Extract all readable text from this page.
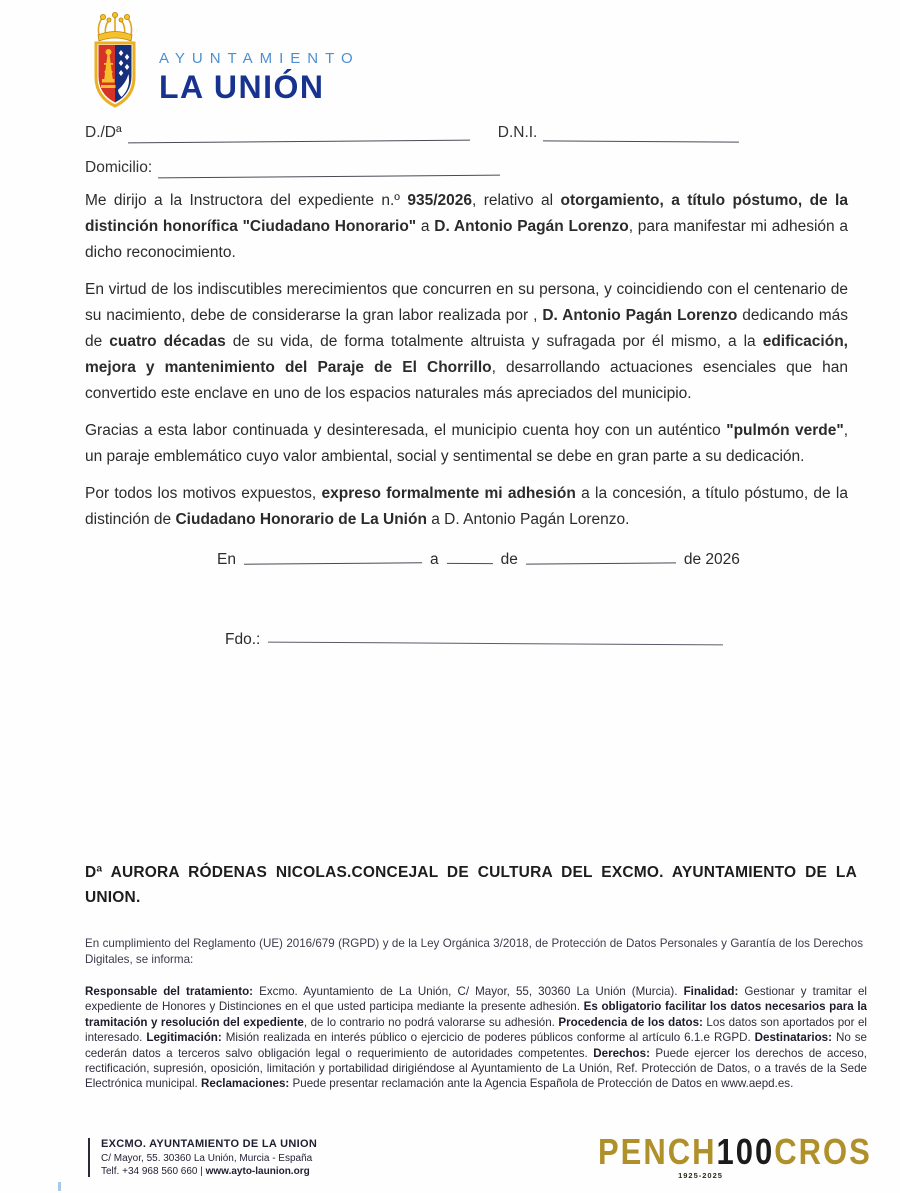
AYUNTAMIENTO
LA UNIÓN
D./Dª	D.N.I.
Domicilio:

Me dirijo a la Instructora del expediente n.º 935/2026, relativo al otorgamiento, a título póstumo, de la distinción honorífica "Ciudadano Honorario" a D. Antonio Pagán Lorenzo, para manifestar mi adhesión a dicho reconocimiento.

En virtud de los indiscutibles merecimientos que concurren en su persona, y coincidiendo con el centenario de su nacimiento, debe de considerarse la gran labor realizada por , D. Antonio Pagán Lorenzo dedicando más de cuatro décadas de su vida, de forma totalmente altruista y sufragada por él mismo, a la edificación, mejora y mantenimiento del Paraje de El Chorrillo, desarrollando actuaciones esenciales que han convertido este enclave en uno de los espacios naturales más apreciados del municipio.

Gracias a esta labor continuada y desinteresada, el municipio cuenta hoy con un auténtico "pulmón verde", un paraje emblemático cuyo valor ambiental, social y sentimental se debe en gran parte a su dedicación.

Por todos los motivos expuestos, expreso formalmente mi adhesión a la concesión, a título póstumo, de la distinción de Ciudadano Honorario de La Unión a D. Antonio Pagán Lorenzo.

En	a	de	de 2026
Fdo.:
Dª AURORA RÓDENAS NICOLAS.CONCEJAL DE CULTURA DEL EXCMO. AYUNTAMIENTO DE LA UNION.
En cumplimiento del Reglamento (UE) 2016/679 (RGPD) y de la Ley Orgánica 3/2018, de Protección de Datos Personales y Garantía de los Derechos Digitales, se informa:
Responsable del tratamiento: Excmo. Ayuntamiento de La Unión, C/ Mayor, 55, 30360 La Unión (Murcia). Finalidad: Gestionar y tramitar el expediente de Honores y Distinciones en el que usted participa mediante la presente adhesión. Es obligatorio facilitar los datos necesarios para la tramitación y resolución del expediente, de lo contrario no podrá valorarse su adhesión. Procedencia de los datos: Los datos son aportados por el interesado. Legitimación: Misión realizada en interés público o ejercicio de poderes públicos conforme al artículo 6.1.e RGPD. Destinatarios: No se cederán datos a terceros salvo obligación legal o requerimiento de autoridades competentes. Derechos: Puede ejercer los derechos de acceso, rectificación, supresión, oposición, limitación y portabilidad dirigiéndose al Ayuntamiento de La Unión, Ref. Protección de Datos, o a través de la Sede Electrónica municipal. Reclamaciones: Puede presentar reclamación ante la Agencia Española de Protección de Datos en www.aepd.es.
EXCMO. AYUNTAMIENTO DE LA UNION
C/ Mayor, 55. 30360 La Unión, Murcia - España
Telf. +34 968 560 660 | www.ayto-launion.org	PENCH100CROS
1925-2025
